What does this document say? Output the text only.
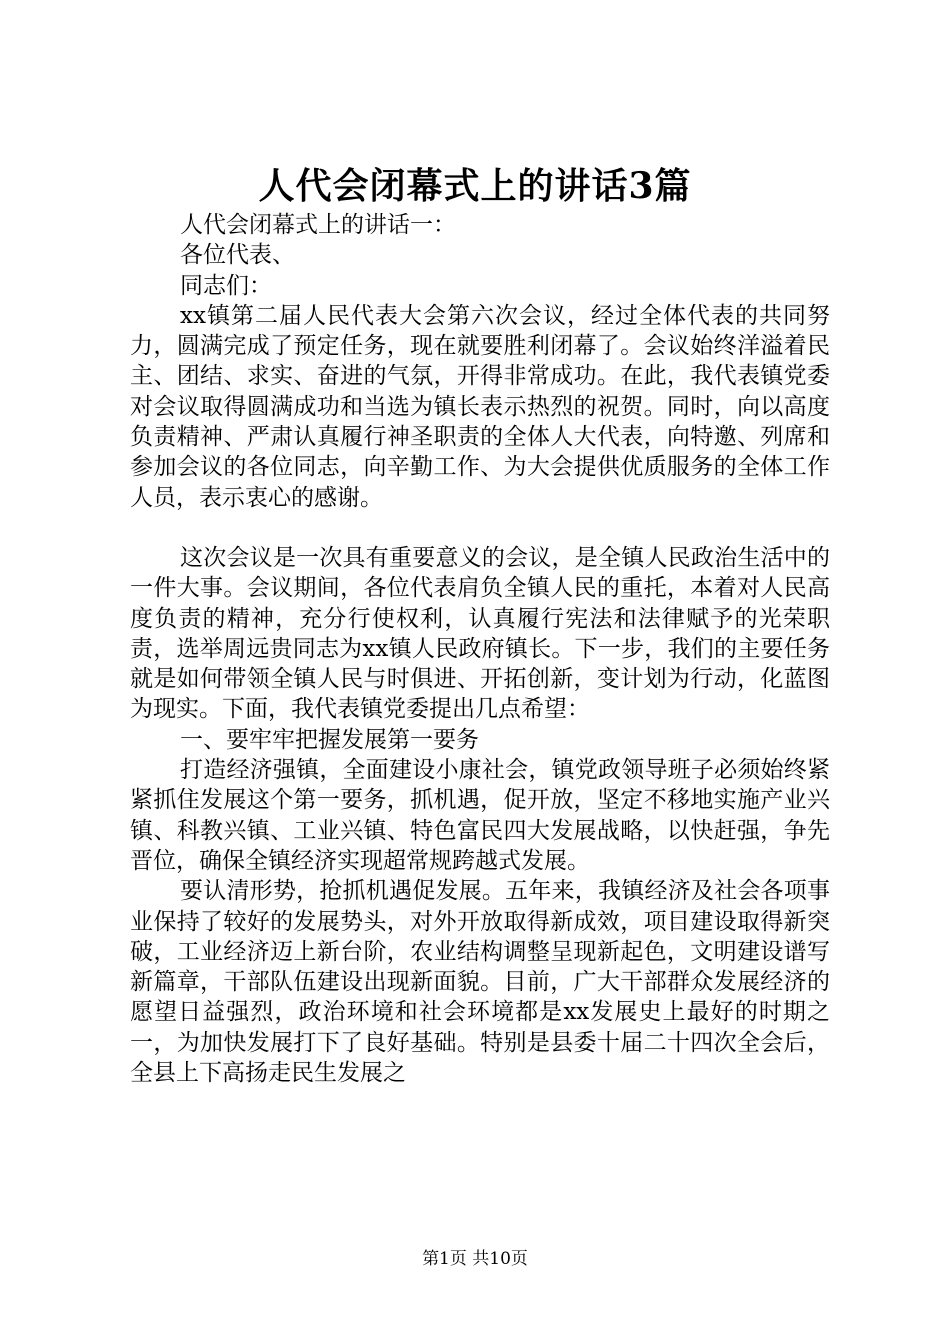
人代会闭幕式上的讲话3篇
人代会闭幕式上的讲话一：
各位代表、
同志们：
xx镇第二届人民代表大会第六次会议，经过全体代表的共同努力，圆满完成了预定任务，现在就要胜利闭幕了。会议始终洋溢着民主、团结、求实、奋进的气氛，开得非常成功。在此，我代表镇党委对会议取得圆满成功和当选为镇长表示热烈的祝贺。同时，向以高度负责精神、严肃认真履行神圣职责的全体人大代表，向特邀、列席和参加会议的各位同志，向辛勤工作、为大会提供优质服务的全体工作人员，表示衷心的感谢。
这次会议是一次具有重要意义的会议，是全镇人民政治生活中的一件大事。会议期间，各位代表肩负全镇人民的重托，本着对人民高度负责的精神，充分行使权利，认真履行宪法和法律赋予的光荣职责，选举周远贵同志为xx镇人民政府镇长。下一步，我们的主要任务就是如何带领全镇人民与时俱进、开拓创新，变计划为行动，化蓝图为现实。下面，我代表镇党委提出几点希望：
一、要牢牢把握发展第一要务
打造经济强镇，全面建设小康社会，镇党政领导班子必须始终紧紧抓住发展这个第一要务，抓机遇，促开放，坚定不移地实施产业兴镇、科教兴镇、工业兴镇、特色富民四大发展战略，以快赶强，争先晋位，确保全镇经济实现超常规跨越式发展。
要认清形势，抢抓机遇促发展。五年来，我镇经济及社会各项事业保持了较好的发展势头，对外开放取得新成效，项目建设取得新突破，工业经济迈上新台阶，农业结构调整呈现新起色，文明建设谱写新篇章，干部队伍建设出现新面貌。目前，广大干部群众发展经济的愿望日益强烈，政治环境和社会环境都是xx发展史上最好的时期之一，为加快发展打下了良好基础。特别是县委十届二十四次全会后，全县上下高扬走民生发展之
第1页 共10页
